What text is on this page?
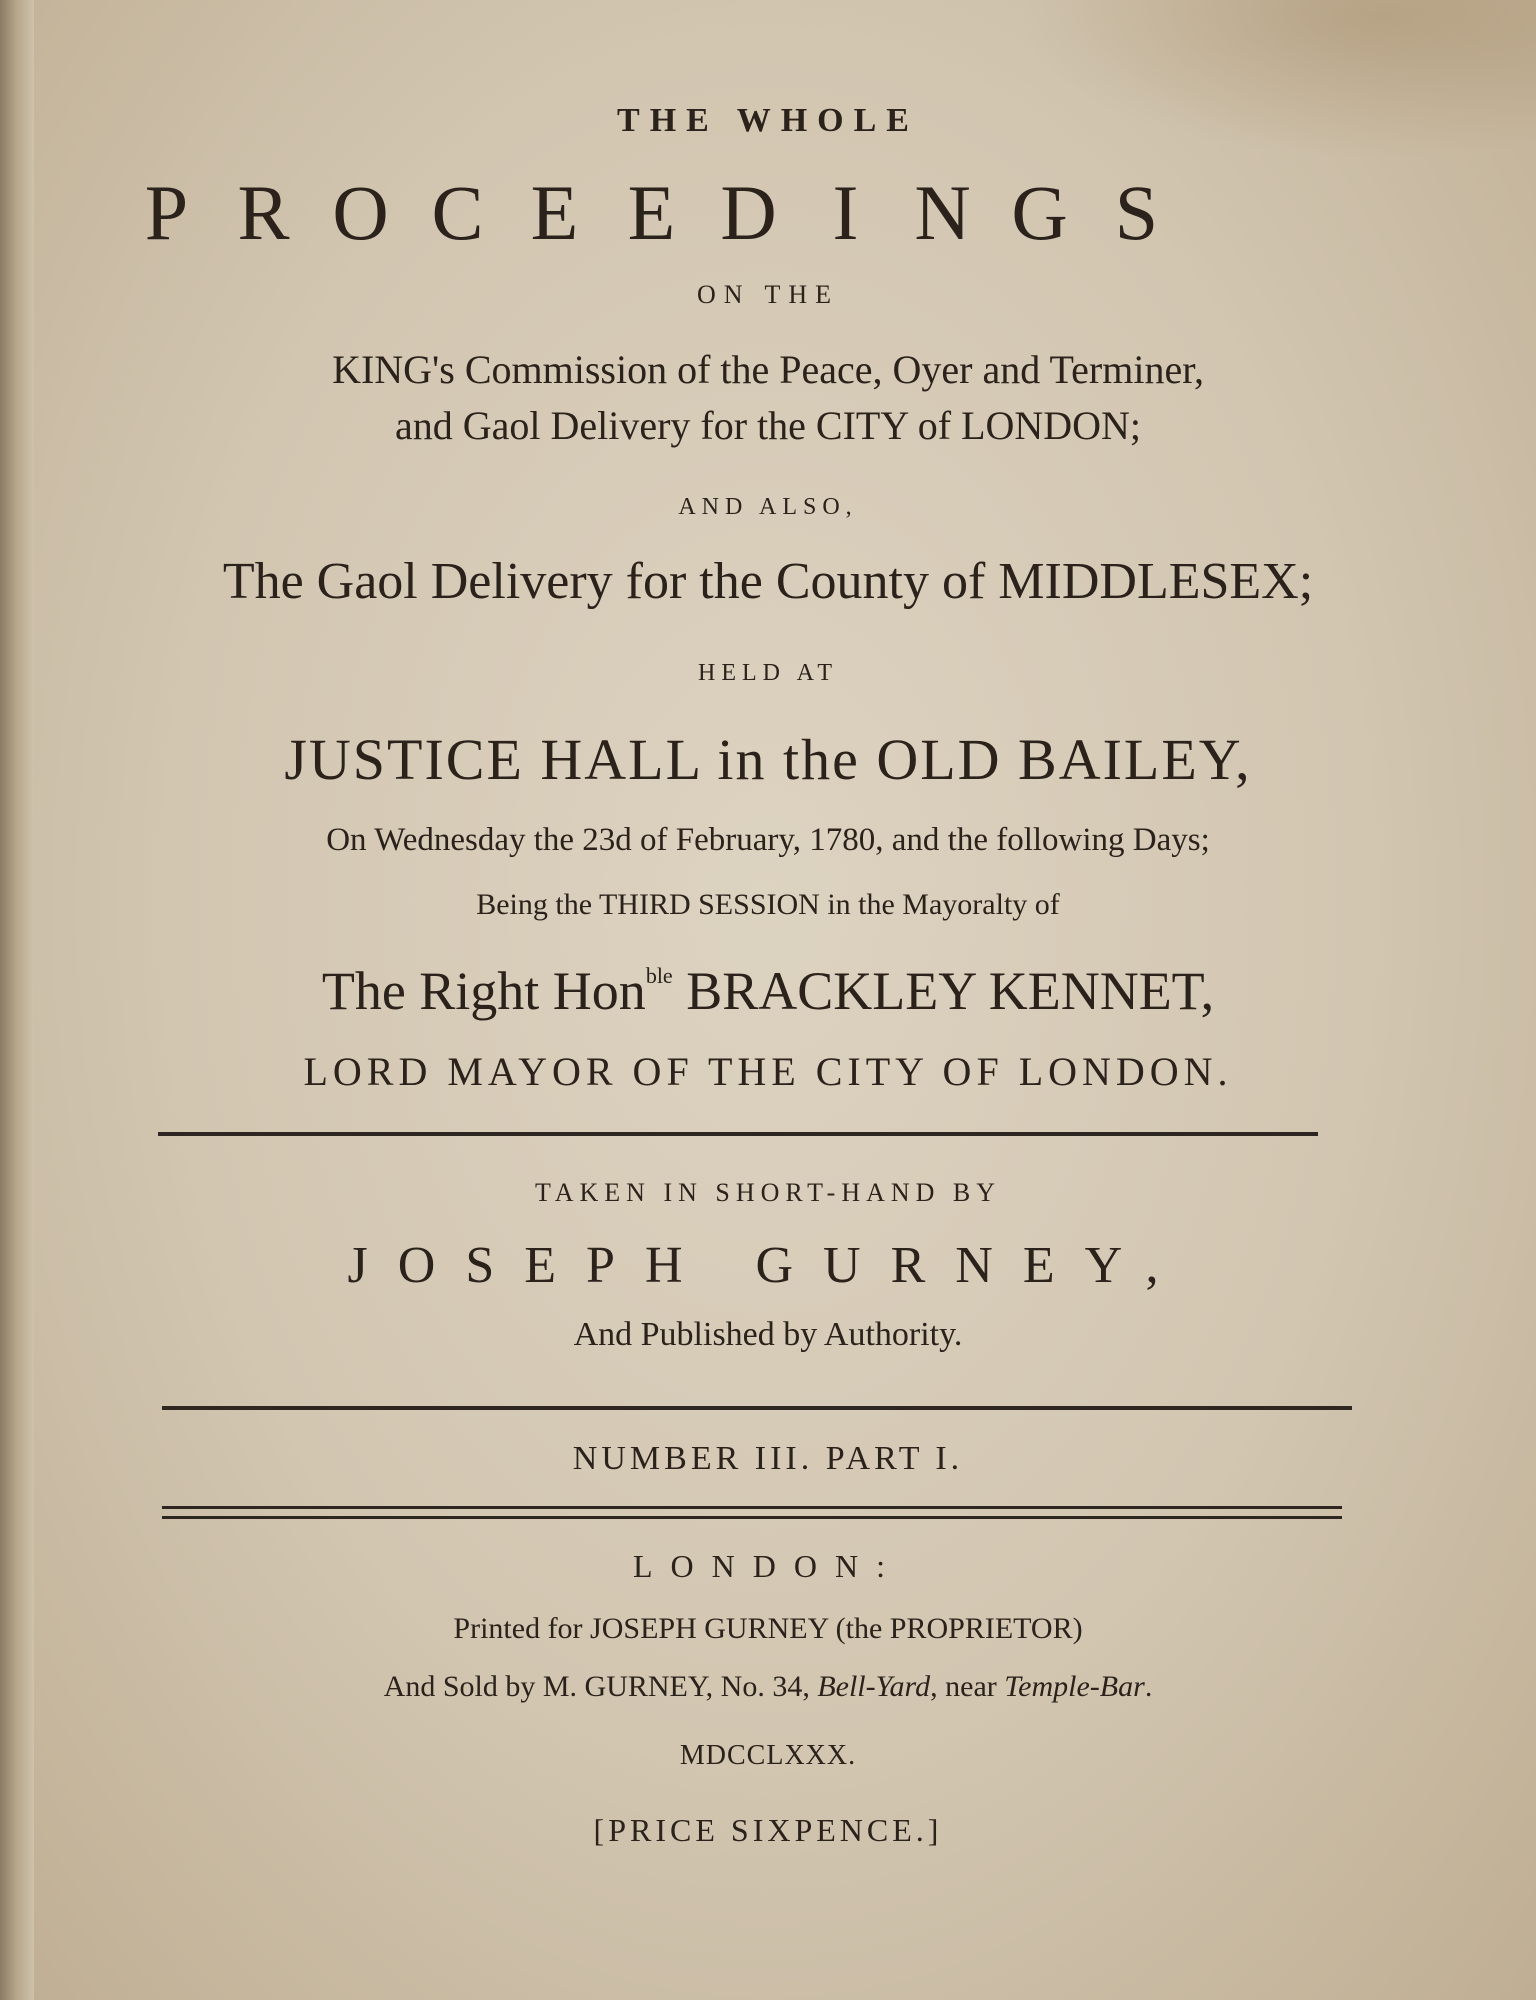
THE WHOLE
P R O C E E D I N G S
ON THE
KING's Commission of the Peace, Oyer and Terminer,
and Gaol Delivery for the CITY of LONDON;
AND ALSO,
The Gaol Delivery for the County of MIDDLESEX;
HELD AT
JUSTICE HALL in the OLD BAILEY,
On Wednesday the 23d of February, 1780, and the following Days;
Being the THIRD SESSION in the Mayoralty of
The Right Hon$^{ble}$ BRACKLEY KENNET,
LORD MAYOR OF THE CITY OF LONDON.
TAKEN IN SHORT-HAND BY
JOSEPH GURNEY,
And Published by Authority.
NUMBER III. PART I.
LONDON:
Printed for JOSEPH GURNEY (the PROPRIETOR)
And Sold by M. GURNEY, No. 34, Bell-Yard, near Temple-Bar.
MDCCLXXX.
[PRICE SIXPENCE.]
